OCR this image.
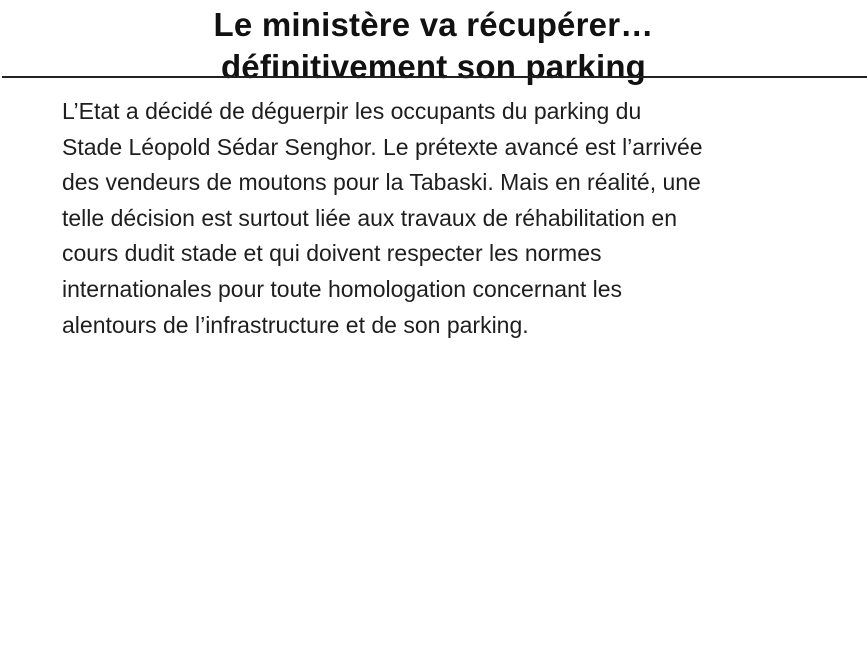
Le ministère va récupérer…
définitivement son parking
L’Etat a décidé de déguerpir les occupants du parking du
Stade Léopold Sédar Senghor. Le prétexte avancé est l’arrivée
des vendeurs de moutons pour la Tabaski. Mais en réalité, une
telle décision est surtout liée aux travaux de réhabilitation en
cours dudit stade et qui doivent respecter les normes
internationales pour toute homologation concernant les
alentours de l’infrastructure et de son parking.
